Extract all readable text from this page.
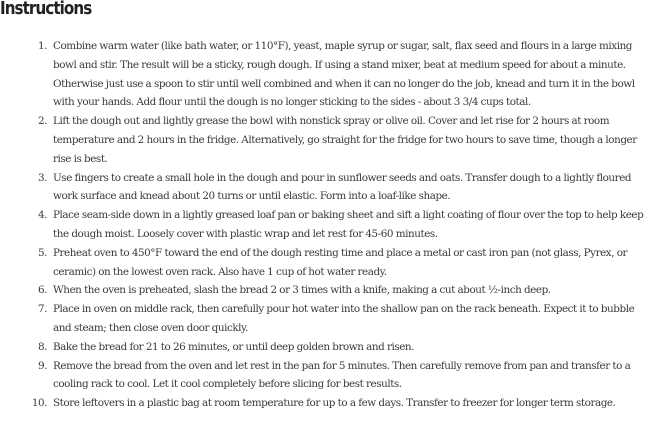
Instructions
1. Combine warm water (like bath water, or 110°F), yeast, maple syrup or sugar, salt, flax seed and flours in a large mixing bowl and stir. The result will be a sticky, rough dough. If using a stand mixer, beat at medium speed for about a minute. Otherwise just use a spoon to stir until well combined and when it can no longer do the job, knead and turn it in the bowl with your hands. Add flour until the dough is no longer sticking to the sides - about 3 3/4 cups total.
2. Lift the dough out and lightly grease the bowl with nonstick spray or olive oil. Cover and let rise for 2 hours at room temperature and 2 hours in the fridge. Alternatively, go straight for the fridge for two hours to save time, though a longer rise is best.
3. Use fingers to create a small hole in the dough and pour in sunflower seeds and oats. Transfer dough to a lightly floured work surface and knead about 20 turns or until elastic. Form into a loaf-like shape.
4. Place seam-side down in a lightly greased loaf pan or baking sheet and sift a light coating of flour over the top to help keep the dough moist. Loosely cover with plastic wrap and let rest for 45-60 minutes.
5. Preheat oven to 450°F toward the end of the dough resting time and place a metal or cast iron pan (not glass, Pyrex, or ceramic) on the lowest oven rack. Also have 1 cup of hot water ready.
6. When the oven is preheated, slash the bread 2 or 3 times with a knife, making a cut about ½-inch deep.
7. Place in oven on middle rack, then carefully pour hot water into the shallow pan on the rack beneath. Expect it to bubble and steam; then close oven door quickly.
8. Bake the bread for 21 to 26 minutes, or until deep golden brown and risen.
9. Remove the bread from the oven and let rest in the pan for 5 minutes. Then carefully remove from pan and transfer to a cooling rack to cool. Let it cool completely before slicing for best results.
10. Store leftovers in a plastic bag at room temperature for up to a few days. Transfer to freezer for longer term storage.
